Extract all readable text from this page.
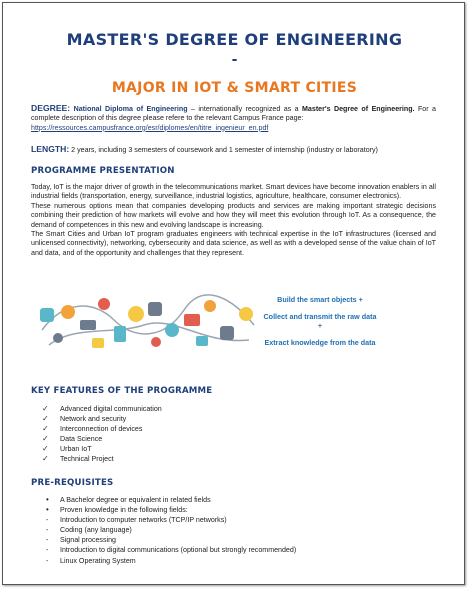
MASTER'S DEGREE OF ENGINEERING
-
MAJOR IN IOT & SMART CITIES
DEGREE: National Diploma of Engineering – internationally recognized as a Master's Degree of Engineering. For a complete description of this degree please refere to the relevant Campus France page:
https://ressources.campusfrance.org/esr/diplomes/en/titre_ingenieur_en.pdf
LENGTH: 2 years, including 3 semesters of coursework and 1 semester of internship (industry or laboratory)
PROGRAMME PRESENTATION
Today, IoT is the major driver of growth in the telecommunications market. Smart devices have become innovation enablers in all industrial fields (transportation, energy, surveillance, industrial logistics, agriculture, healthcare, consumer electronics).
These numerous options mean that companies developing products and services are making important strategic decisions combining their prediction of how markets will evolve and how they will meet this evolution through IoT. As a consequence, the demand of competences in this new and evolving landscape is increasing.
The Smart Cities and Urban IoT program graduates engineers with technical expertise in the IoT infrastructures (licensed and unlicensed connectivity), networking, cybersecurity and data science, as well as with a developed sense of the value chain of IoT and data, and of the opportunity and challenges that they represent.
Build the smart objects +
Collect and transmit the raw data +
Extract knowledge from the data
KEY FEATURES OF THE PROGRAMME
✓ Advanced digital communication
✓ Network and security
✓ Interconnection of devices
✓ Data Science
✓ Urban IoT
✓ Technical Project
PRE-REQUISITES
• A Bachelor degree or equivalent in related fields
• Proven knowledge in the following fields:
- Introduction to computer networks (TCP/IP networks)
- Coding (any language)
- Signal processing
- Introduction to digital communications (optional but strongly recommended)
- Linux Operating System
